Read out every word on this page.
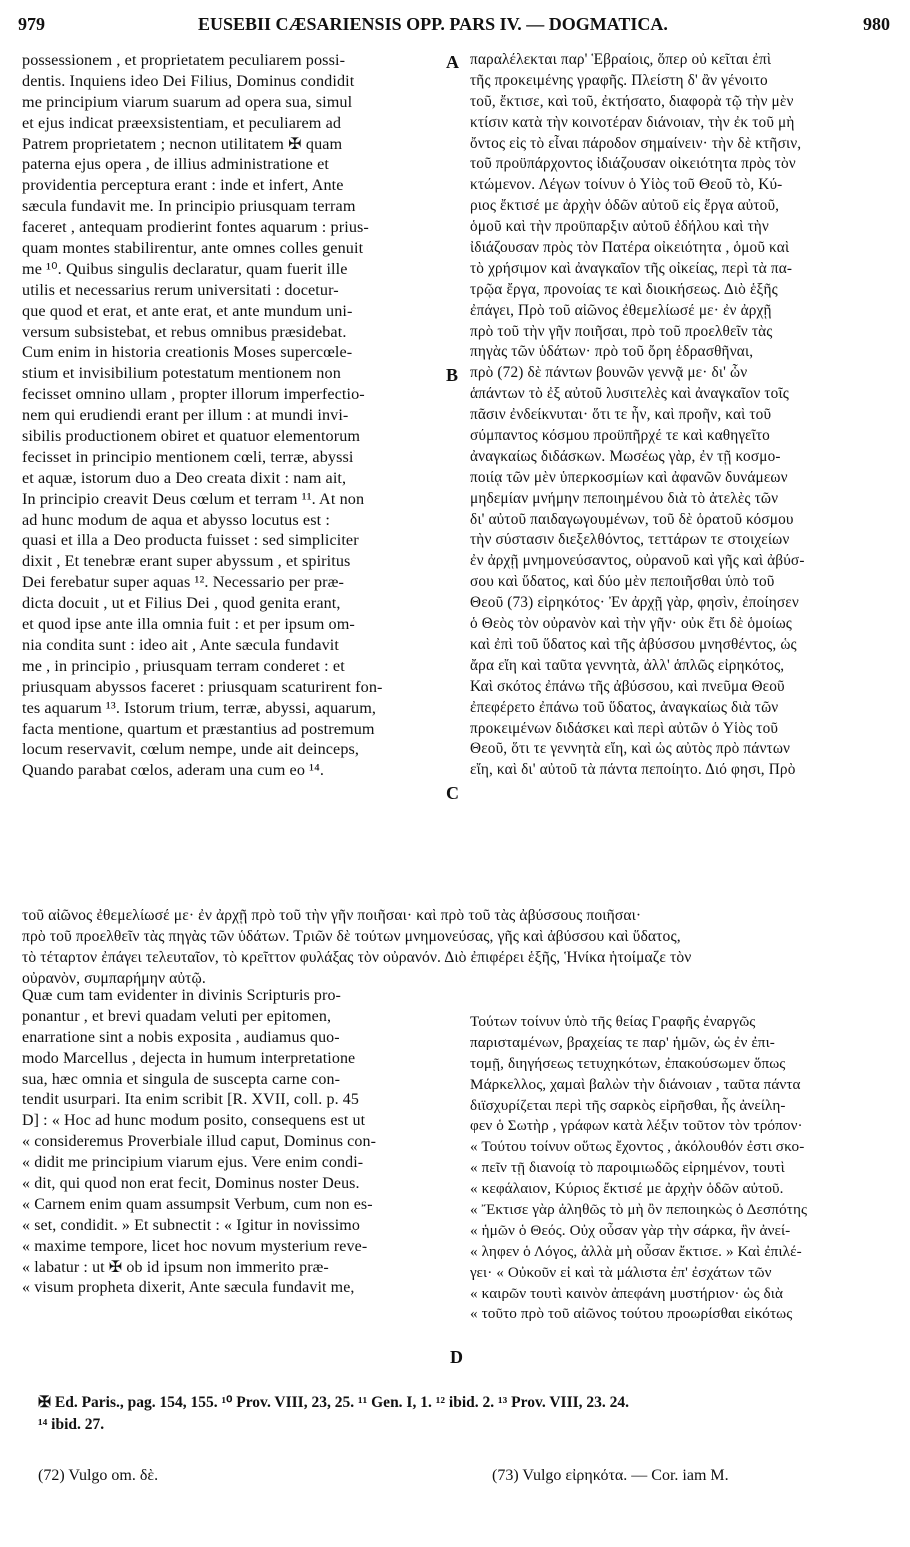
979	EUSEBII CÆSARIENSIS OPP. PARS IV. — DOGMATICA.	980
possessionem , et proprietatem peculiarem possi-
dentis. Inquiens ideo Dei Filius, Dominus condidit
me principium viarum suarum ad opera sua, simul
et ejus indicat præexsistentiam, et peculiarem ad
Patrem proprietatem ; necnon utilitatem ✠ quam
paterna ejus opera , de illius administratione et
providentia perceptura erant : inde et infert, Ante
sæcula fundavit me. In principio priusquam terram
faceret , antequam prodierint fontes aquarum : prius-
quam montes stabilirentur, ante omnes colles genuit
me ¹⁰. Quibus singulis declaratur, quam fuerit ille
utilis et necessarius rerum universitati : docetur-
que quod et erat, et ante erat, et ante mundum uni-
versum subsistebat, et rebus omnibus præsidebat.
Cum enim in historia creationis Moses supercœle-
stium et invisibilium potestatum mentionem non
fecisset omnino ullam , propter illorum imperfectio-
nem qui erudiendi erant per illum : at mundi invi-
sibilis productionem obiret et quatuor elementorum
fecisset in principio mentionem cœli, terræ, abyssi
et aquæ, istorum duo a Deo creata dixit : nam ait,
In principio creavit Deus cœlum et terram ¹¹. At non
ad hunc modum de aqua et abysso locutus est :
quasi et illa a Deo producta fuisset : sed simpliciter
dixit , Et tenebræ erant super abyssum , et spiritus
Dei ferebatur super aquas ¹². Necessario per præ-
dicta docuit , ut et Filius Dei , quod genita erant,
et quod ipse ante illa omnia fuit : et per ipsum om-
nia condita sunt : ideo ait , Ante sæcula fundavit
me , in principio , priusquam terram conderet : et
priusquam abyssos faceret : priusquam scaturirent fon-
tes aquarum ¹³. Istorum trium, terræ, abyssi, aquarum,
facta mentione, quartum et præstantius ad postremum
locum reservavit, cœlum nempe, unde ait deinceps,
Quando parabat cœlos, aderam una cum eo ¹⁴.
παραλέλεκται παρ' Ἑβραίοις, ὅπερ οὐ κεῖται ἐπὶ
τῆς προκειμένης γραφῆς. Πλείστη δ' ἂν γένοιτο
τοῦ, ἔκτισε, καὶ τοῦ, ἐκτήσατο, διαφορὰ τῷ τὴν μὲν
κτίσιν κατὰ τὴν κοινοτέραν διάνοιαν, τὴν ἐκ τοῦ μὴ
ὄντος εἰς τὸ εἶναι πάροδον σημαίνειν· τὴν δὲ κτῆσιν,
τοῦ προϋπάρχοντος ἰδιάζουσαν οἰκειότητα πρὸς τὸν
κτώμενον. Λέγων τοίνυν ὁ Υἱὸς τοῦ Θεοῦ τὸ, Κύ-
ριος ἔκτισέ με ἀρχὴν ὁδῶν αὐτοῦ εἰς ἔργα αὐτοῦ,
ὁμοῦ καὶ τὴν προϋπαρξιν αὐτοῦ ἐδήλου καὶ τὴν
ἰδιάζουσαν πρὸς τὸν Πατέρα οἰκειότητα , ὁμοῦ καὶ
τὸ χρήσιμον καὶ ἀναγκαῖον τῆς οἰκείας, περὶ τὰ πα-
τρῷα ἔργα, προνοίας τε καὶ διοικήσεως. Διὸ ἑξῆς
ἐπάγει, Πρὸ τοῦ αἰῶνος ἐθεμελίωσέ με· ἐν ἀρχῇ
πρὸ τοῦ τὴν γῆν ποιῆσαι, πρὸ τοῦ προελθεῖν τὰς
πηγὰς τῶν ὑδάτων· πρὸ τοῦ ὄρη ἑδρασθῆναι,
πρὸ (72) δὲ πάντων βουνῶν γεννᾷ με· δι' ὧν
ἁπάντων τὸ ἐξ αὐτοῦ λυσιτελὲς καὶ ἀναγκαῖον τοῖς
πᾶσιν ἐνδείκνυται· ὅτι τε ἦν, καὶ προῆν, καὶ τοῦ
σύμπαντος κόσμου προϋπῆρχέ τε καὶ καθηγεῖτο
ἀναγκαίως διδάσκων. Μωσέως γὰρ, ἐν τῇ κοσμο-
ποιίᾳ τῶν μὲν ὑπερκοσμίων καὶ ἀφανῶν δυνάμεων
μηδεμίαν μνήμην πεποιημένου διὰ τὸ ἀτελὲς τῶν
δι' αὐτοῦ παιδαγωγουμένων, τοῦ δὲ ὁρατοῦ κόσμου
τὴν σύστασιν διεξελθόντος, τεττάρων τε στοιχείων
ἐν ἀρχῇ μνημονεύσαντος, οὐρανοῦ καὶ γῆς καὶ ἀβύσ-
σου καὶ ὕδατος, καὶ δύο μὲν πεποιῆσθαι ὑπὸ τοῦ
Θεοῦ (73) εἰρηκότος· Ἐν ἀρχῇ γὰρ, φησὶν, ἐποίησεν
ὁ Θεὸς τὸν οὐρανὸν καὶ τὴν γῆν· οὐκ ἔτι δὲ ὁμοίως
καὶ ἐπὶ τοῦ ὕδατος καὶ τῆς ἀβύσσου μνησθέντος, ὡς
ἄρα εἴη καὶ ταῦτα γεννητὰ, ἀλλ' ἁπλῶς εἰρηκότος,
Καὶ σκότος ἐπάνω τῆς ἀβύσσου, καὶ πνεῦμα Θεοῦ
ἐπεφέρετο ἐπάνω τοῦ ὕδατος, ἀναγκαίως διὰ τῶν
προκειμένων διδάσκει καὶ περὶ αὐτῶν ὁ Υἱὸς τοῦ
Θεοῦ, ὅτι τε γεννητὰ εἴη, καὶ ὡς αὐτὸς πρὸ πάντων
εἴη, καὶ δι' αὐτοῦ τὰ πάντα πεποίητο. Διό φησι, Πρὸ
A
B
C
D
τοῦ αἰῶνος ἐθεμελίωσέ με· ἐν ἀρχῇ πρὸ τοῦ τὴν γῆν ποιῆσαι· καὶ πρὸ τοῦ τὰς ἀβύσσους ποιῆσαι·
πρὸ τοῦ προελθεῖν τὰς πηγὰς τῶν ὑδάτων. Τριῶν δὲ τούτων μνημονεύσας, γῆς καὶ ἀβύσσου καὶ ὕδατος,
τὸ τέταρτον ἐπάγει τελευταῖον, τὸ κρεῖττον φυλάξας τὸν οὐρανόν. Διὸ ἐπιφέρει ἑξῆς, Ἡνίκα ἡτοίμαζε τὸν
οὐρανὸν, συμπαρήμην αὐτῷ.
Quæ cum tam evidenter in divinis Scripturis pro-
ponantur , et brevi quadam veluti per epitomen,
enarratione sint a nobis exposita , audiamus quo-
modo Marcellus , dejecta in humum interpretatione
sua, hæc omnia et singula de suscepta carne con-
tendit usurpari. Ita enim scribit [R. XVII, coll. p. 45
D] : « Hoc ad hunc modum posito, consequens est ut
« consideremus Proverbiale illud caput, Dominus con-
« didit me principium viarum ejus. Vere enim condi-
« dit, qui quod non erat fecit, Dominus noster Deus.
« Carnem enim quam assumpsit Verbum, cum non es-
« set, condidit. » Et subnectit : « Igitur in novissimo
« maxime tempore, licet hoc novum mysterium reve-
« labatur : ut ✠ ob id ipsum non immerito præ-
« visum propheta dixerit, Ante sæcula fundavit me,
Τούτων τοίνυν ὑπὸ τῆς θείας Γραφῆς ἐναργῶς
παρισταμένων, βραχείας τε παρ' ἡμῶν, ὡς ἐν ἐπι-
τομῇ, διηγήσεως τετυχηκότων, ἐπακούσωμεν ὅπως
Μάρκελλος, χαμαὶ βαλὼν τὴν διάνοιαν , ταῦτα πάντα
διϊσχυρίζεται περὶ τῆς σαρκὸς εἰρῆσθαι, ἧς ἀνείλη-
φεν ὁ Σωτὴρ , γράφων κατὰ λέξιν τοῦτον τὸν τρόπον·
« Τούτου τοίνυν οὕτως ἔχοντος , ἀκόλουθόν ἐστι σκο-
« πεῖν τῇ διανοίᾳ τὸ παροιμιωδῶς εἰρημένον, τουτὶ
« κεφάλαιον, Κύριος ἔκτισέ με ἀρχὴν ὁδῶν αὐτοῦ.
« Ἔκτισε γὰρ ἀληθῶς τὸ μὴ ὂν πεποιηκὼς ὁ Δεσπότης
« ἡμῶν ὁ Θεός. Οὐχ οὖσαν γὰρ τὴν σάρκα, ἣν ἀνεί-
« ληφεν ὁ Λόγος, ἀλλὰ μὴ οὖσαν ἔκτισε. » Καὶ ἐπιλέ-
γει· « Οὐκοῦν εἰ καὶ τὰ μάλιστα ἐπ' ἐσχάτων τῶν
« καιρῶν τουτὶ καινὸν ἀπεφάνη μυστήριον· ὡς διὰ
« τοῦτο πρὸ τοῦ αἰῶνος τούτου προωρίσθαι εἰκότως
✠ Ed. Paris., pag. 154, 155. ¹⁰ Prov. VIII, 23, 25. ¹¹ Gen. I, 1. ¹² ibid. 2. ¹³ Prov. VIII, 23. 24.
¹⁴ ibid. 27.
(72) Vulgo om. δὲ.	(73) Vulgo εἰρηκότα. — Cor. iam M.
